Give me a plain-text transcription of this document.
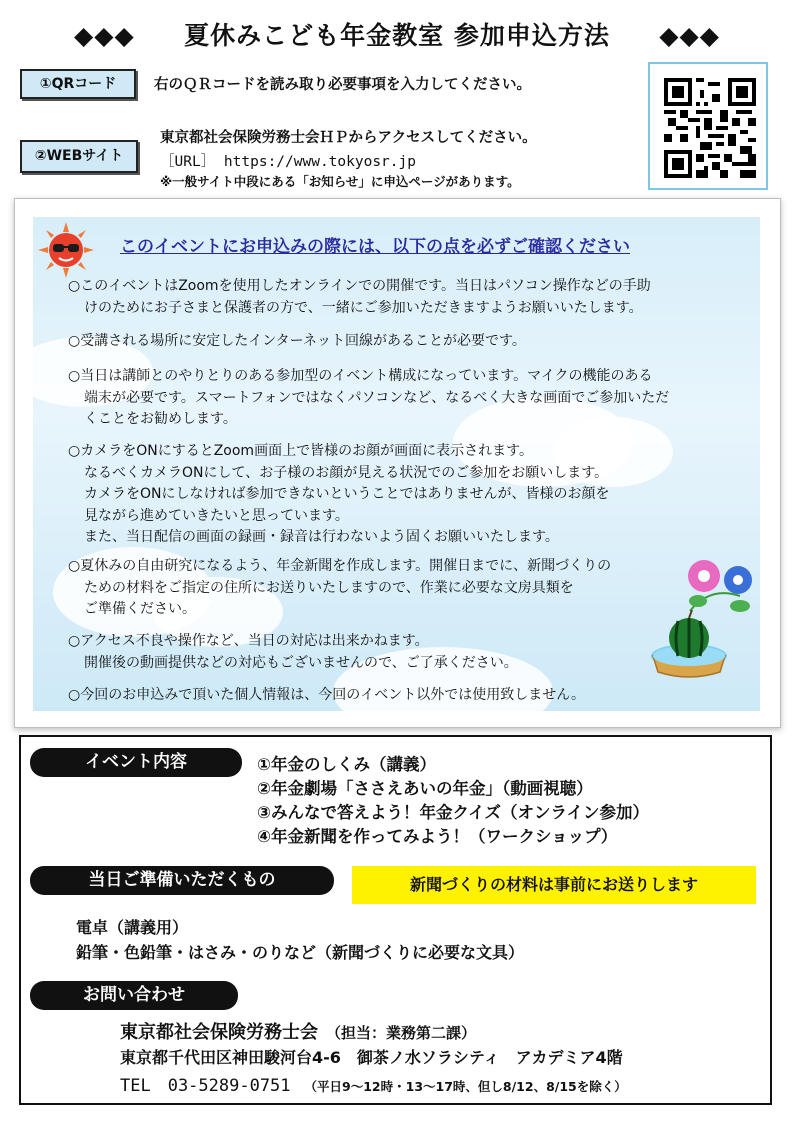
◆◆◆ 夏休みこども年金教室 参加申込方法 ◆◆◆
①QRコード	右のＱＲコードを読み取り必要事項を入力してください。
②WEBサイト
東京都社会保険労務士会ＨＰからアクセスしてください。
［URL］ https://www.tokyosr.jp
※一般サイト中段にある「お知らせ」に申込ページがあります。
このイベントにお申込みの際には、以下の点を必ずご確認ください
○このイベントはZoomを使用したオンラインでの開催です。当日はパソコン操作などの手助
けのためにお子さまと保護者の方で、一緒にご参加いただきますようお願いいたします。
○受講される場所に安定したインターネット回線があることが必要です。
○当日は講師とのやりとりのある参加型のイベント構成になっています。マイクの機能のある
端末が必要です。スマートフォンではなくパソコンなど、なるべく大きな画面でご参加いただ
くことをお勧めします。
○カメラをONにするとZoom画面上で皆様のお顔が画面に表示されます。
なるべくカメラONにして、お子様のお顔が見える状況でのご参加をお願いします。
カメラをONにしなければ参加できないということではありませんが、皆様のお顔を
見ながら進めていきたいと思っています。
また、当日配信の画面の録画・録音は行わないよう固くお願いいたします。
○夏休みの自由研究になるよう、年金新聞を作成します。開催日までに、新聞づくりの
ための材料をご指定の住所にお送りいたしますので、作業に必要な文房具類を
ご準備ください。
○アクセス不良や操作など、当日の対応は出来かねます。
開催後の動画提供などの対応もございませんので、ご了承ください。
○今回のお申込みで頂いた個人情報は、今回のイベント以外では使用致しません。
イベント内容	①年金のしくみ（講義）
②年金劇場「ささえあいの年金」（動画視聴）
③みんなで答えよう！年金クイズ（オンライン参加）
④年金新聞を作ってみよう！（ワークショップ）
当日ご準備いただくもの	新聞づくりの材料は事前にお送りします
電卓（講義用）
鉛筆・色鉛筆・はさみ・のりなど（新聞づくりに必要な文具）
お問い合わせ
東京都社会保険労務士会 （担当：業務第二課）
東京都千代田区神田駿河台4-6　御茶ノ水ソラシティ　アカデミア4階
TEL　03-5289-0751 （平日9～12時・13～17時、但し8/12、8/15を除く）
